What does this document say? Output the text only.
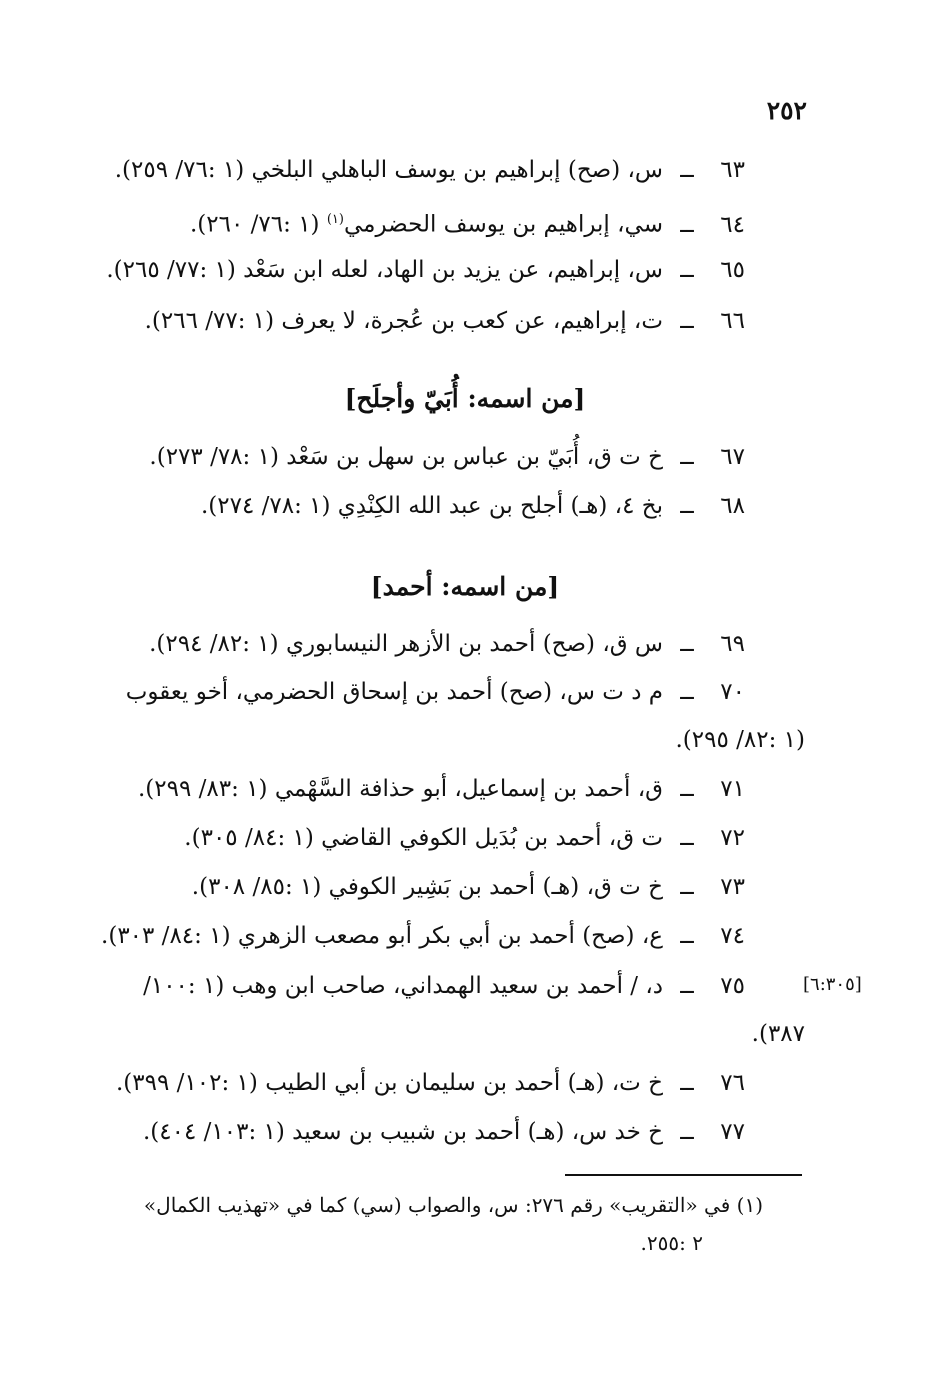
٢٥٢
٦٣ــس، (صح) إبراهيم بن يوسف الباهلي البلخي (١ :٧٦/ ٢٥٩).
٦٤ــسي، إبراهيم بن يوسف الحضرمي$^{(١)}$ (١ :٧٦/ ٢٦٠).
٦٥ــس، إبراهيم، عن يزيد بن الهاد، لعله ابن سَعْد (١ :٧٧/ ٢٦٥).
٦٦ــت، إبراهيم، عن كعب بن عُجرة، لا يعرف (١ :٧٧/ ٢٦٦).
[من اسمه: أُبَيّ وأجلَح]
٦٧ــخ ت ق، أُبَيّ بن عباس بن سهل بن سَعْد (١ :٧٨/ ٢٧٣).
٦٨ــبخ ٤، (هـ) أجلح بن عبد الله الكِنْدِي (١ :٧٨/ ٢٧٤).
[من اسمه: أحمد]
٦٩ــس ق، (صح) أحمد بن الأزهر النيسابوري (١ :٨٢/ ٢٩٤).
٧٠ــم د ت س، (صح) أحمد بن إسحاق الحضرمي، أخو يعقوب
(١ :٨٢/ ٢٩٥).
٧١ــق، أحمد بن إسماعيل، أبو حذافة السَّهْمي (١ :٨٣/ ٢٩٩).
٧٢ــت ق، أحمد بن بُدَيل الكوفي القاضي (١ :٨٤/ ٣٠٥).
٧٣ــخ ت ق، (هـ) أحمد بن بَشِير الكوفي (١ :٨٥/ ٣٠٨).
٧٤ــع، (صح) أحمد بن أبي بكر أبو مصعب الزهري (١ :٨٤/ ٣٠٣).
[٦:٣٠٥]
٧٥ــد، / أحمد بن سعيد الهمداني، صاحب ابن وهب (١ :١٠٠/
٣٨٧).
٧٦ــخ ت، (هـ) أحمد بن سليمان بن أبي الطيب (١ :١٠٢/ ٣٩٩).
٧٧ــخ خد س، (هـ) أحمد بن شبيب بن سعيد (١ :١٠٣/ ٤٠٤).
(١) في «التقريب» رقم ٢٧٦: س، والصواب (سي) كما في «تهذيب الكمال»
٢ :٢٥٥.
